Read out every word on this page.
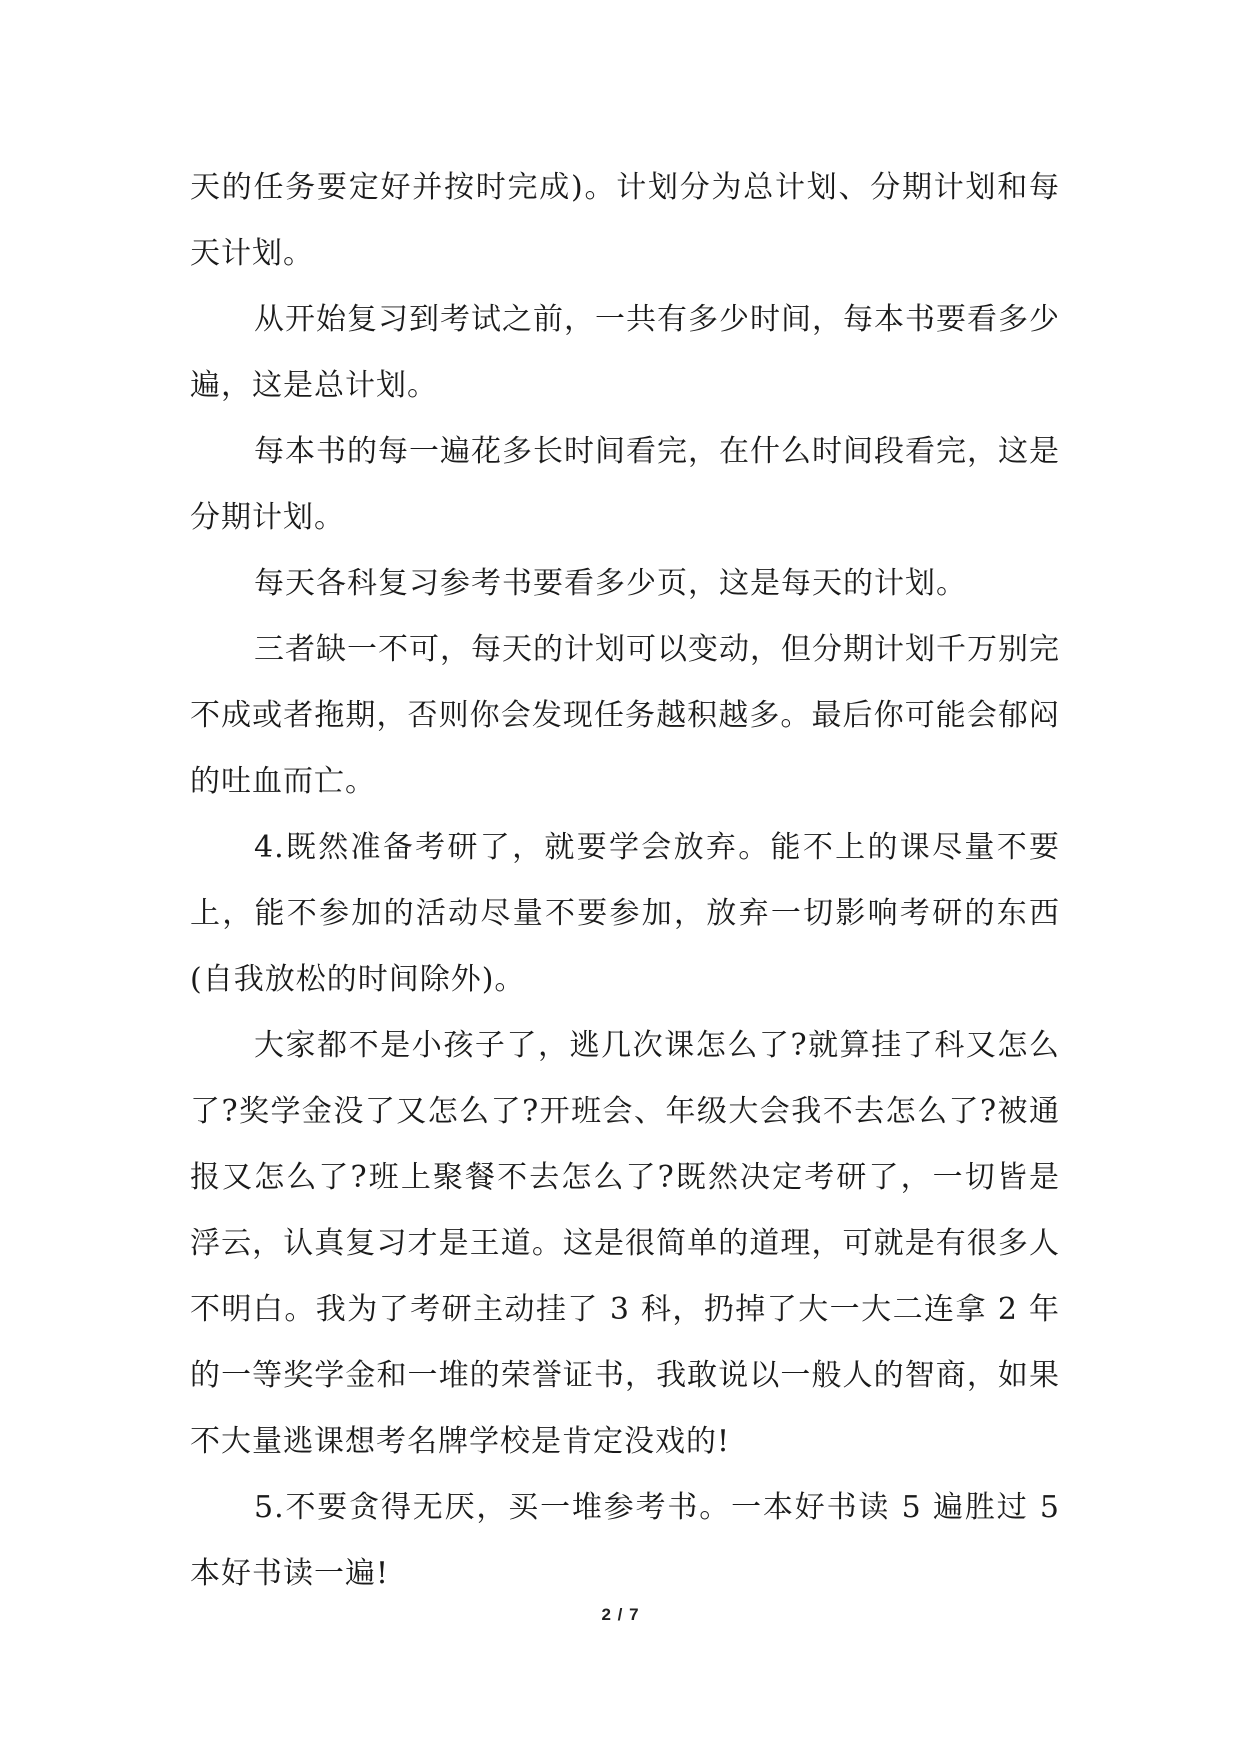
天的任务要定好并按时完成)。计划分为总计划、分期计划和每天计划。

从开始复习到考试之前，一共有多少时间，每本书要看多少遍，这是总计划。

每本书的每一遍花多长时间看完，在什么时间段看完，这是分期计划。

每天各科复习参考书要看多少页，这是每天的计划。

三者缺一不可，每天的计划可以变动，但分期计划千万别完不成或者拖期，否则你会发现任务越积越多。最后你可能会郁闷的吐血而亡。

4.既然准备考研了，就要学会放弃。能不上的课尽量不要上，能不参加的活动尽量不要参加，放弃一切影响考研的东西(自我放松的时间除外)。

大家都不是小孩子了，逃几次课怎么了?就算挂了科又怎么了?奖学金没了又怎么了?开班会、年级大会我不去怎么了?被通报又怎么了?班上聚餐不去怎么了?既然决定考研了，一切皆是浮云，认真复习才是王道。这是很简单的道理，可就是有很多人不明白。我为了考研主动挂了 3 科，扔掉了大一大二连拿 2 年的一等奖学金和一堆的荣誉证书，我敢说以一般人的智商，如果不大量逃课想考名牌学校是肯定没戏的!

5.不要贪得无厌，买一堆参考书。一本好书读 5 遍胜过 5 本好书读一遍!

2 / 7
